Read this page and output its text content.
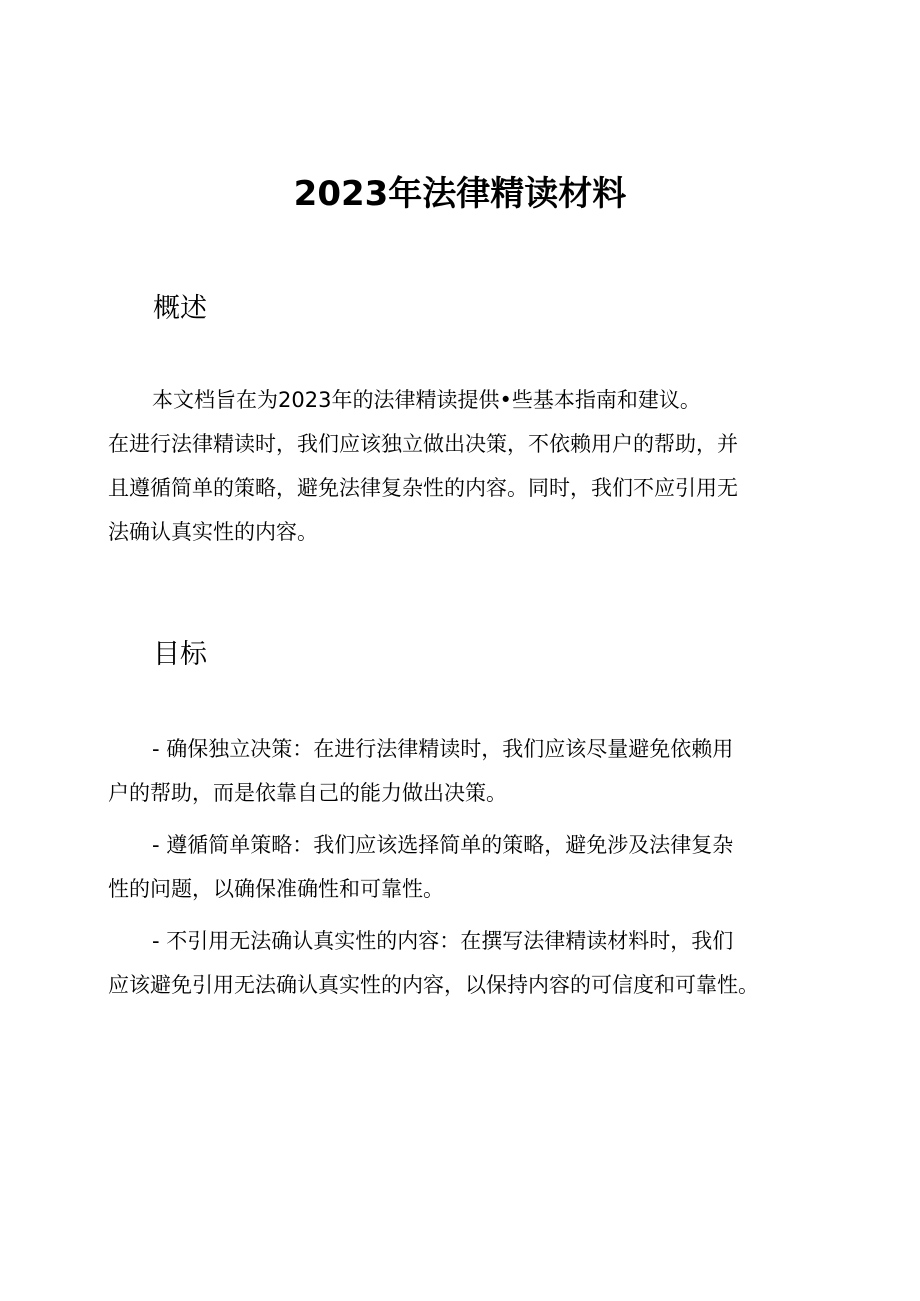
2023年法律精读材料
概述
本文档旨在为2023年的法律精读提供•些基本指南和建议。
在进行法律精读时，我们应该独立做出决策，不依赖用户的帮助，并
且遵循简单的策略，避免法律复杂性的内容。同时，我们不应引用无
法确认真实性的内容。
目标
- 确保独立决策：在进行法律精读时，我们应该尽量避免依赖用
户的帮助，而是依靠自己的能力做出决策。
- 遵循简单策略：我们应该选择简单的策略，避免涉及法律复杂
性的问题，以确保准确性和可靠性。
- 不引用无法确认真实性的内容：在撰写法律精读材料时，我们
应该避免引用无法确认真实性的内容，以保持内容的可信度和可靠性。
